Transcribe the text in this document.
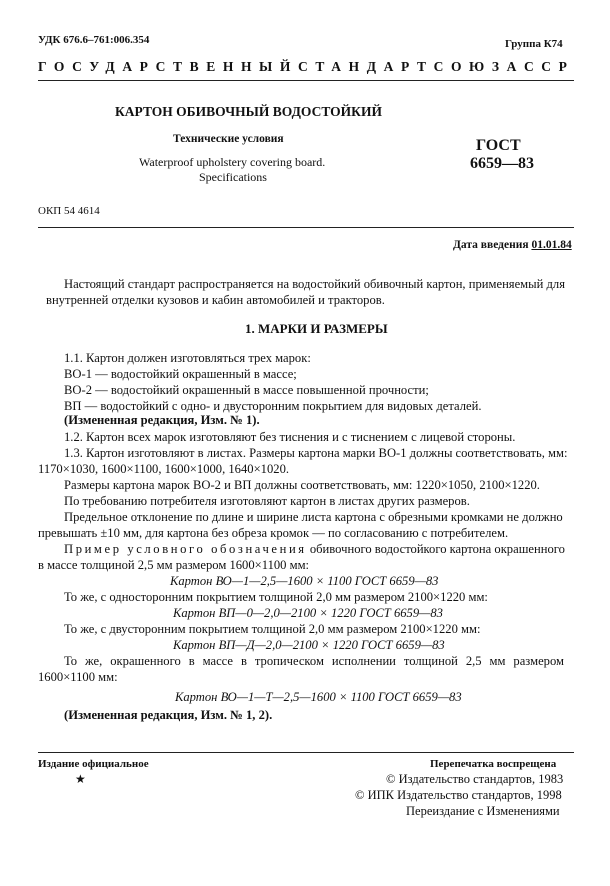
УДК 676.6–761:006.354	Группа К74
ГОСУДАРСТВЕННЫЙ СТАНДАРТ СОЮЗА ССР
КАРТОН ОБИВОЧНЫЙ ВОДОСТОЙКИЙ
Технические условия
Waterproof upholstery covering board.
Specifications
ГОСТ
6659—83
ОКП 54 4614
Дата введения 01.01.84
Настоящий стандарт распространяется на водостойкий обивочный картон, применяемый для
внутренней отделки кузовов и кабин автомобилей и тракторов.
1. МАРКИ И РАЗМЕРЫ
1.1. Картон должен изготовляться трех марок:
ВО-1 — водостойкий окрашенный в массе;
ВО-2 — водостойкий окрашенный в массе повышенной прочности;
ВП — водостойкий с одно- и двусторонним покрытием для видовых деталей.
(Измененная редакция, Изм. № 1).
1.2. Картон всех марок изготовляют без тиснения и с тиснением с лицевой стороны.
1.3. Картон изготовляют в листах. Размеры картона марки ВО-1 должны соответствовать, мм:
1170×1030, 1600×1100, 1600×1000, 1640×1020.
Размеры картона марок ВО-2 и ВП должны соответствовать, мм: 1220×1050, 2100×1220.
По требованию потребителя изготовляют картон в листах других размеров.
Предельное отклонение по длине и ширине листа картона с обрезными кромками не должно
превышать ±10 мм, для картона без обреза кромок — по согласованию с потребителем.
Пример условного обозначения обивочного водостойкого картона окрашенного
в массе толщиной 2,5 мм размером 1600×1100 мм:
Картон ВО—1—2,5—1600 × 1100 ГОСТ 6659—83
То же, с односторонним покрытием толщиной 2,0 мм размером 2100×1220 мм:
Картон ВП—0—2,0—2100 × 1220 ГОСТ 6659—83
То же, с двусторонним покрытием толщиной 2,0 мм размером 2100×1220 мм:
Картон ВП—Д—2,0—2100 × 1220 ГОСТ 6659—83
То же, окрашенного в массе в тропическом исполнении толщиной 2,5 мм размером
1600×1100 мм:
Картон ВО—1—Т—2,5—1600 × 1100 ГОСТ 6659—83
(Измененная редакция, Изм. № 1, 2).
Издание официальное
★
Перепечатка воспрещена
© Издательство стандартов, 1983
© ИПК Издательство стандартов, 1998
Переиздание с Изменениями
